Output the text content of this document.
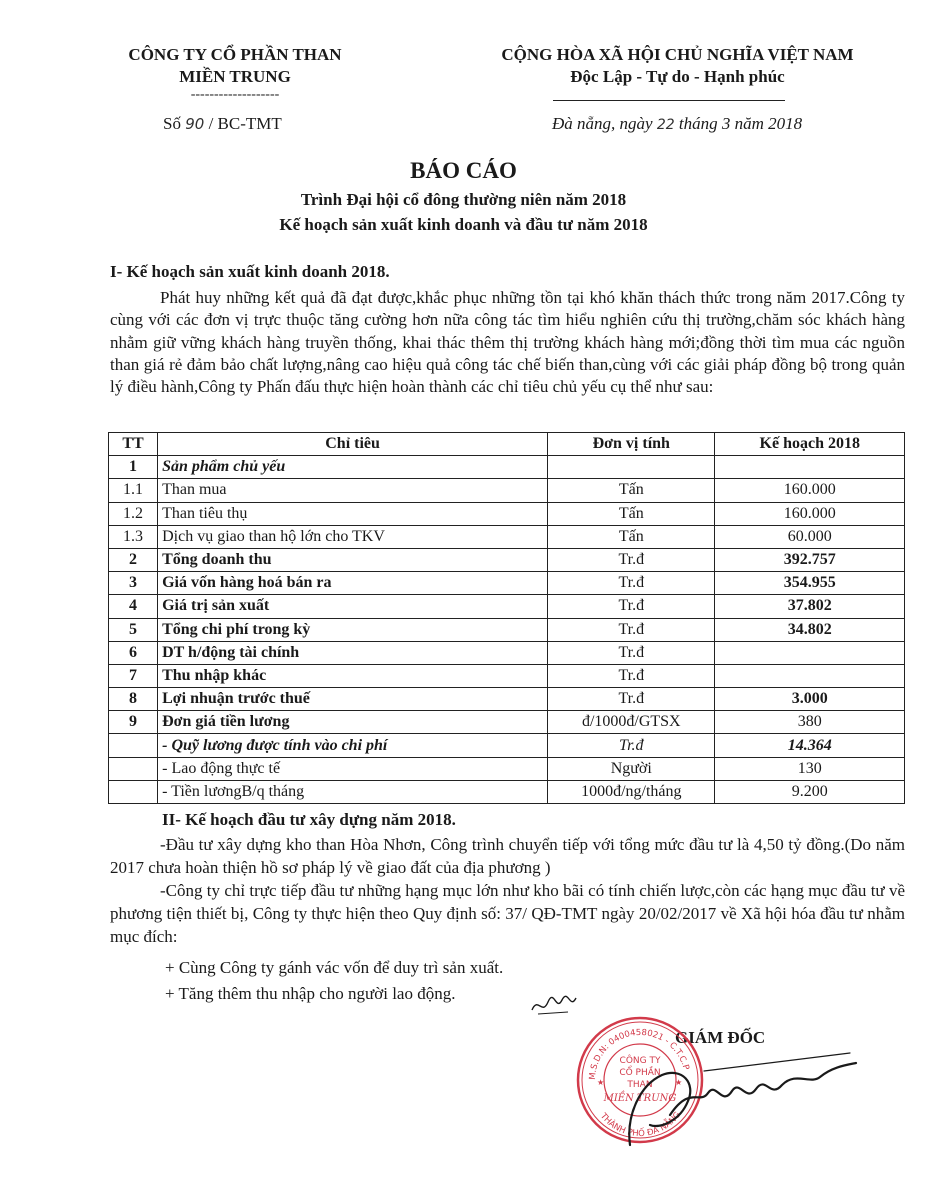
CÔNG TY CỔ PHẦN THAN
MIỀN TRUNG
-------------------
CỘNG HÒA XÃ HỘI CHỦ NGHĨA VIỆT NAM
Độc Lập - Tự do - Hạnh phúc
Số 90 / BC-TMT	Đà nẵng, ngày 22 tháng 3 năm 2018
BÁO CÁO
Trình Đại hội cổ đông thường niên năm 2018
Kế hoạch sản xuất kinh doanh và đầu tư năm 2018
I- Kế hoạch sản xuất kinh doanh 2018.

Phát huy những kết quả đã đạt được,khắc phục những tồn tại khó khăn thách thức trong năm 2017.Công ty cùng với các đơn vị trực thuộc tăng cường hơn nữa công tác tìm hiểu nghiên cứu thị trường,chăm sóc khách hàng nhằm giữ vững khách hàng truyền thống, khai thác thêm thị trường khách hàng mới;đồng thời tìm mua các nguồn than giá rẻ đảm bảo chất lượng,nâng cao hiệu quả công tác chế biến than,cùng với các giải pháp đồng bộ trong quản lý điều hành,Công ty Phấn đấu thực hiện hoàn thành các chỉ tiêu chủ yếu cụ thể như sau:

TT	Chỉ tiêu	Đơn vị tính	Kế hoạch 2018
1	Sản phẩm chủ yếu		
1.1	Than mua	Tấn	160.000
1.2	Than tiêu thụ	Tấn	160.000
1.3	Dịch vụ giao than hộ lớn cho TKV	Tấn	60.000
2	Tổng doanh thu	Tr.đ	392.757
3	Giá vốn hàng hoá bán ra	Tr.đ	354.955
4	Giá trị sản xuất	Tr.đ	37.802
5	Tổng chi phí trong kỳ	Tr.đ	34.802
6	DT h/động tài chính	Tr.đ	
7	Thu nhập khác	Tr.đ	
8	Lợi nhuận trước thuế	Tr.đ	3.000
9	Đơn giá tiền lương	đ/1000đ/GTSX	380
	- Quỹ lương được tính vào chi phí	Tr.đ	14.364
	- Lao động thực tế	Người	130
	- Tiền lươngB/q tháng	1000đ/ng/tháng	9.200
II- Kế hoạch đầu tư xây dựng năm 2018.

-Đầu tư xây dựng kho than Hòa Nhơn, Công trình chuyển tiếp với tổng mức đầu tư là 4,50 tỷ đồng.(Do năm 2017 chưa hoàn thiện hồ sơ pháp lý về giao đất của địa phương )

-Công ty chỉ trực tiếp đầu tư những hạng mục lớn như kho bãi có tính chiến lược,còn các hạng mục đầu tư về phương tiện thiết bị, Công ty thực hiện theo Quy định số: 37/ QĐ-TMT ngày 20/02/2017 về Xã hội hóa đầu tư nhằm mục đích:

+ Cùng Công ty gánh vác vốn để duy trì sản xuất.
+ Tăng thêm thu nhập cho người lao động.
GIÁM ĐỐC
M.S.D.N: 0400458021 - C.T.C.P
THÀNH PHỐ ĐÀ NẴNG
CÔNG TY
CỔ PHẦN
THAN
MIỀN TRUNG
★	★
